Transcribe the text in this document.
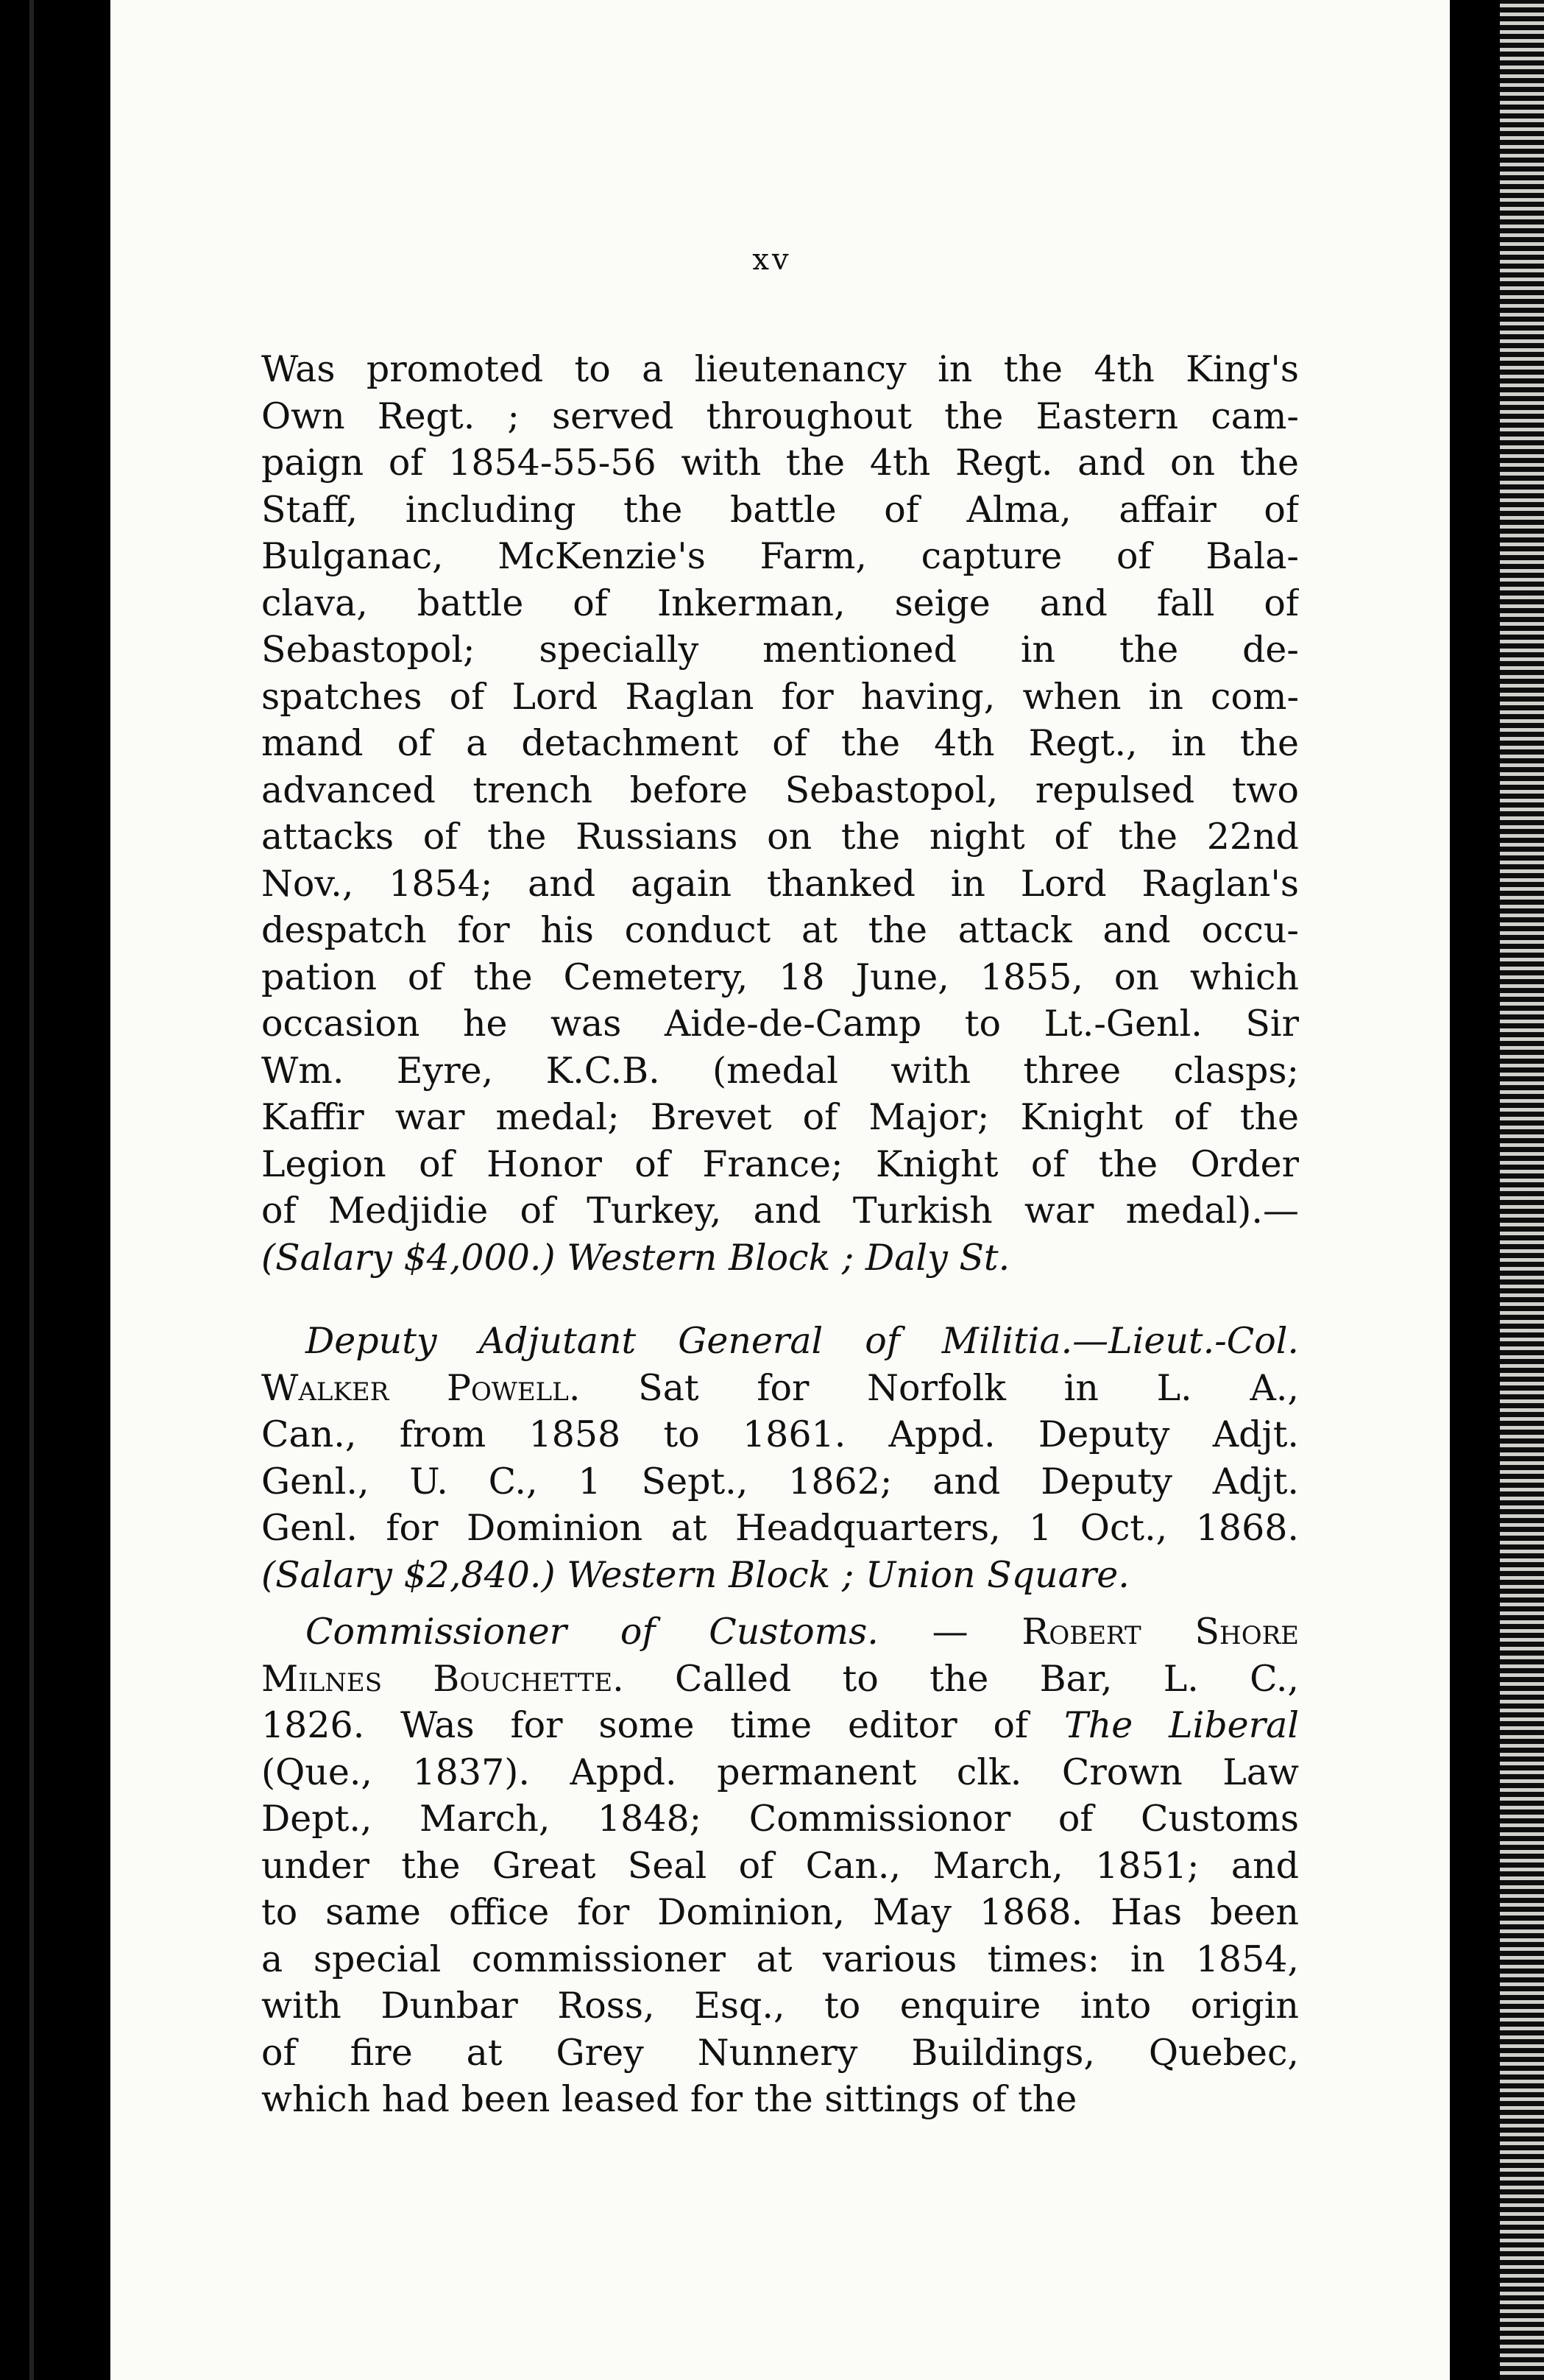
xv
Was promoted to a lieutenancy in the 4th King's
Own Regt. ; served throughout the Eastern cam-
paign of 1854-55-56 with the 4th Regt. and on the
Staff, including the battle of Alma, affair of
Bulganac, McKenzie's Farm, capture of Bala-
clava, battle of Inkerman, seige and fall of
Sebastopol; specially mentioned in the de-
spatches of Lord Raglan for having, when in com-
mand of a detachment of the 4th Regt., in the
advanced trench before Sebastopol, repulsed two
attacks of the Russians on the night of the 22nd
Nov., 1854; and again thanked in Lord Raglan's
despatch for his conduct at the attack and occu-
pation of the Cemetery, 18 June, 1855, on which
occasion he was Aide-de-Camp to Lt.-Genl. Sir
Wm. Eyre, K.C.B. (medal with three clasps;
Kaffir war medal; Brevet of Major; Knight of the
Legion of Honor of France; Knight of the Order
of Medjidie of Turkey, and Turkish war medal).—
(Salary $4,000.) Western Block ; Daly St.
Deputy Adjutant General of Militia.—Lieut.-Col.
Walker Powell. Sat for Norfolk in L. A.,
Can., from 1858 to 1861. Appd. Deputy Adjt.
Genl., U. C., 1 Sept., 1862; and Deputy Adjt.
Genl. for Dominion at Headquarters, 1 Oct., 1868.
(Salary $2,840.) Western Block ; Union Square.
Commissioner of Customs. — Robert Shore
Milnes Bouchette. Called to the Bar, L. C.,
1826. Was for some time editor of The Liberal
(Que., 1837). Appd. permanent clk. Crown Law
Dept., March, 1848; Commissionor of Customs
under the Great Seal of Can., March, 1851; and
to same office for Dominion, May 1868. Has been
a special commissioner at various times: in 1854,
with Dunbar Ross, Esq., to enquire into origin
of fire at Grey Nunnery Buildings, Quebec,
which had been leased for the sittings of the
